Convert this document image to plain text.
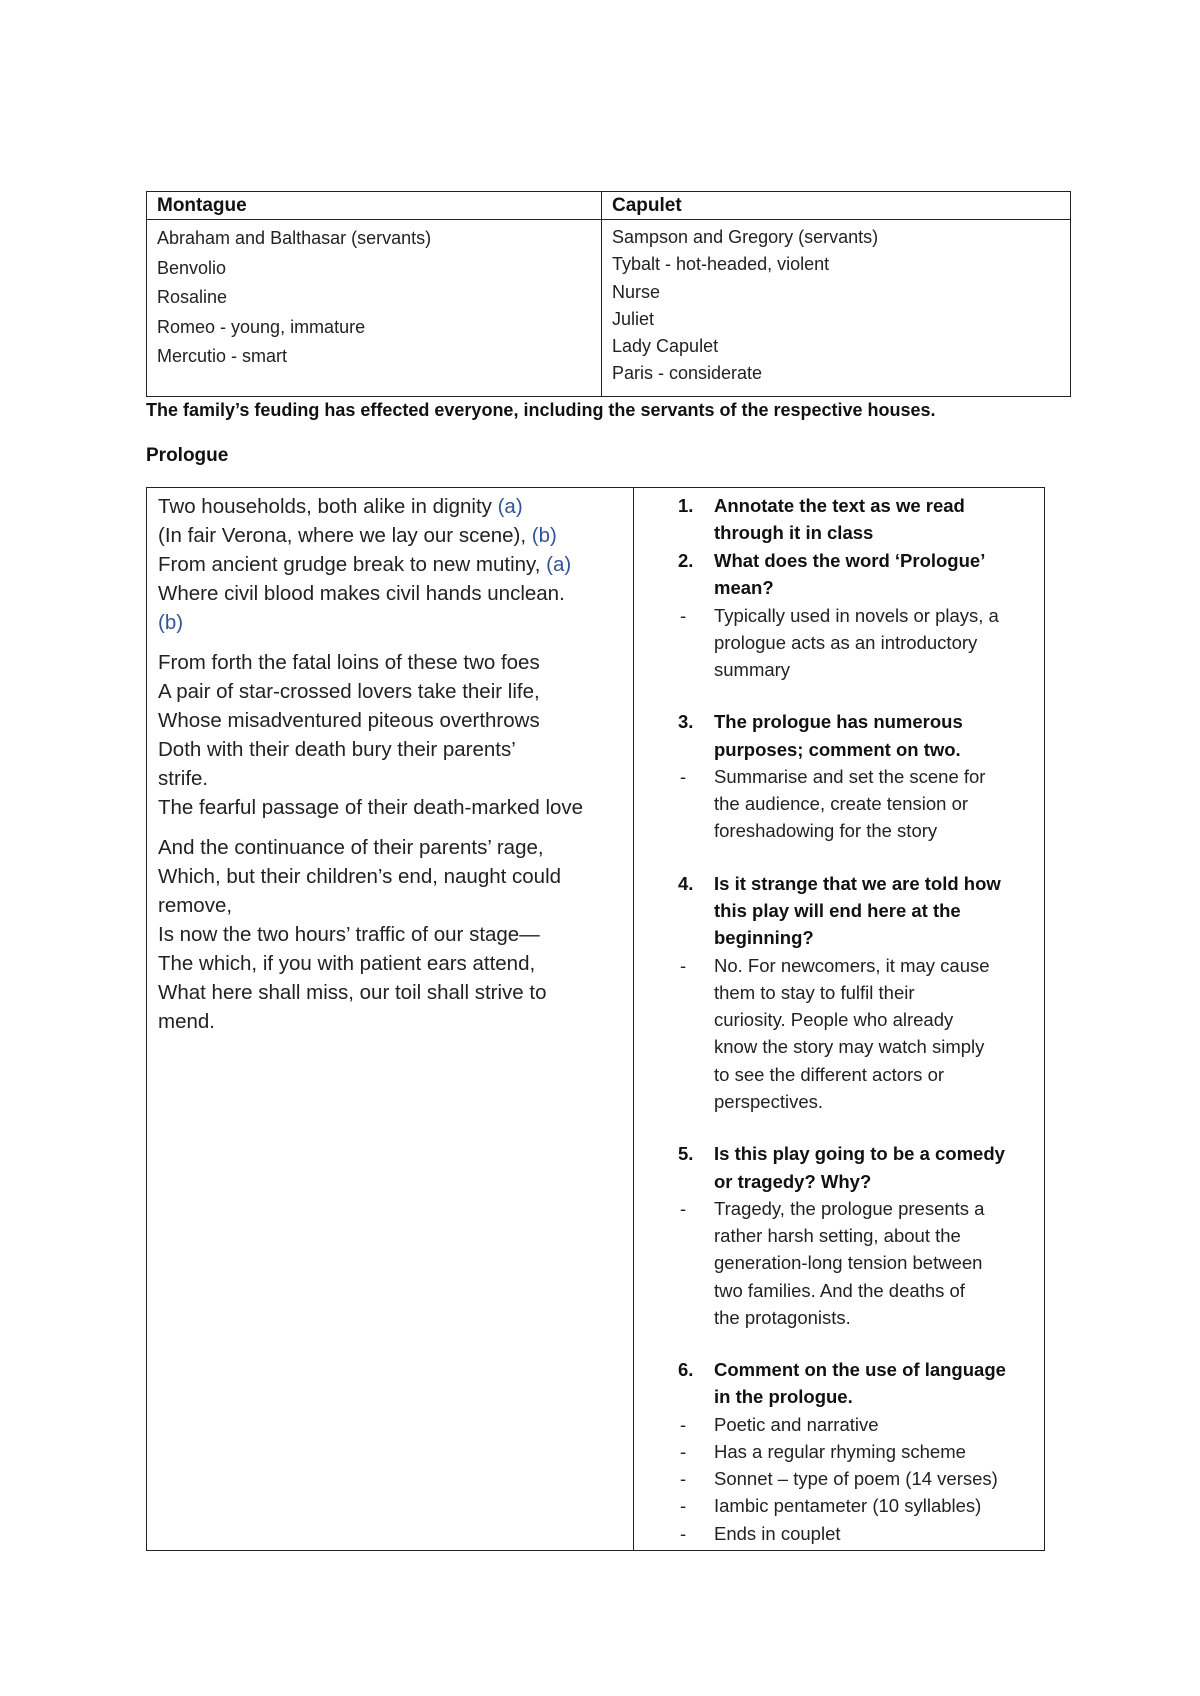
Montague	Capulet
Abraham and Balthasar (servants)
Benvolio
Rosaline
Romeo - young, immature
Mercutio - smart
Sampson and Gregory (servants)
Tybalt - hot-headed, violent
Nurse
Juliet
Lady Capulet
Paris - considerate
The family’s feuding has effected everyone, including the servants of the respective houses.
Prologue
Two households, both alike in dignity (a)
(In fair Verona, where we lay our scene), (b)
From ancient grudge break to new mutiny, (a)
Where civil blood makes civil hands unclean.
(b)
From forth the fatal loins of these two foes
A pair of star-crossed lovers take their life,
Whose misadventured piteous overthrows
Doth with their death bury their parents’
strife.
The fearful passage of their death-marked love
And the continuance of their parents’ rage,
Which, but their children’s end, naught could
remove,
Is now the two hours’ traffic of our stage—
The which, if you with patient ears attend,
What here shall miss, our toil shall strive to
mend.
1. Annotate the text as we read
through it in class
2. What does the word ‘Prologue’
mean?
- Typically used in novels or plays, a
prologue acts as an introductory
summary
3. The prologue has numerous
purposes; comment on two.
- Summarise and set the scene for
the audience, create tension or
foreshadowing for the story
4. Is it strange that we are told how
this play will end here at the
beginning?
- No. For newcomers, it may cause
them to stay to fulfil their
curiosity. People who already
know the story may watch simply
to see the different actors or
perspectives.
5. Is this play going to be a comedy
or tragedy? Why?
- Tragedy, the prologue presents a
rather harsh setting, about the
generation-long tension between
two families. And the deaths of
the protagonists.
6. Comment on the use of language
in the prologue.
- Poetic and narrative
- Has a regular rhyming scheme
- Sonnet – type of poem (14 verses)
- Iambic pentameter (10 syllables)
- Ends in couplet
